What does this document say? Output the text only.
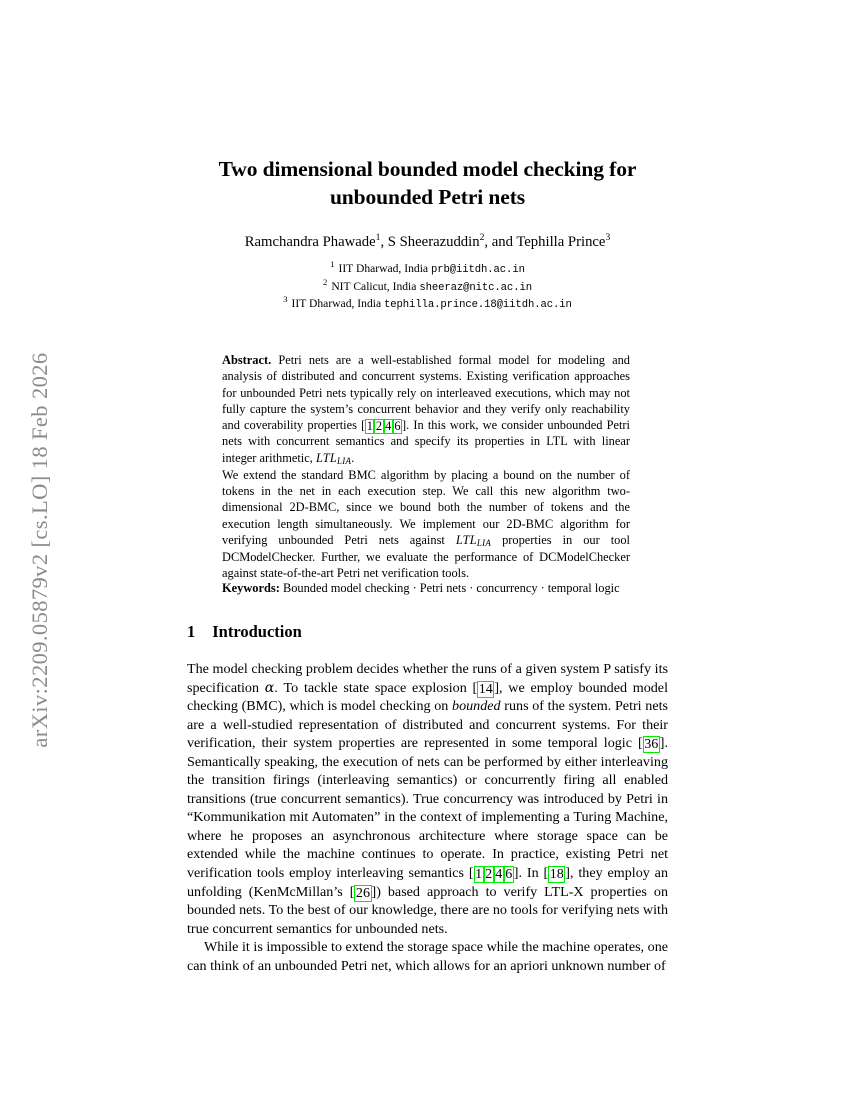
arXiv:2209.05879v2 [cs.LO] 18 Feb 2026
Two dimensional bounded model checking for
unbounded Petri nets
Ramchandra Phawade$^1$, S Sheerazuddin$^2$, and Tephilla Prince$^3$
$^1$ IIT Dharwad, India prb@iitdh.ac.in
$^2$ NIT Calicut, India sheeraz@nitc.ac.in
$^3$ IIT Dharwad, India tephilla.prince.18@iitdh.ac.in

Abstract. Petri nets are a well-established formal model for modeling and analysis of distributed and concurrent systems. Existing verification approaches for unbounded Petri nets typically rely on interleaved executions, which may not fully capture the system’s concurrent behavior and they verify only reachability and coverability properties [ 1 2 4 6 ]. In this work, we consider unbounded Petri nets with concurrent semantics and specify its properties in LTL with linear integer arithmetic, $LTL_{LIA}$.

We extend the standard BMC algorithm by placing a bound on the number of tokens in the net in each execution step. We call this new algorithm two-dimensional 2D-BMC, since we bound both the number of tokens and the execution length simultaneously. We implement our 2D-BMC algorithm for verifying unbounded Petri nets against $LTL_{LIA}$ properties in our tool DCModelChecker. Further, we evaluate the performance of DCModelChecker against state-of-the-art Petri net verification tools.

Keywords: Bounded model checking · Petri nets · concurrency · temporal logic
1 Introduction

The model checking problem decides whether the runs of a given system P satisfy its specification α. To tackle state space explosion [ 14 ], we employ bounded model checking (BMC), which is model checking on bounded runs of the system. Petri nets are a well-studied representation of distributed and concurrent systems. For their verification, their system properties are represented in some temporal logic [ 36 ]. Semantically speaking, the execution of nets can be performed by either interleaving the transition firings (interleaving semantics) or concurrently firing all enabled transitions (true concurrent semantics). True concurrency was introduced by Petri in “Kommunikation mit Automaten” in the context of implementing a Turing Machine, where he proposes an asynchronous architecture where storage space can be extended while the machine continues to operate. In practice, existing Petri net verification tools employ interleaving semantics [ 1 2 4 6 ]. In [ 18 ], they employ an unfolding (KenMcMillan’s [ 26 ]) based approach to verify LTL-X properties on bounded nets. To the best of our knowledge, there are no tools for verifying nets with true concurrent semantics for unbounded nets.

While it is impossible to extend the storage space while the machine operates, one can think of an unbounded Petri net, which allows for an apriori unknown number of
